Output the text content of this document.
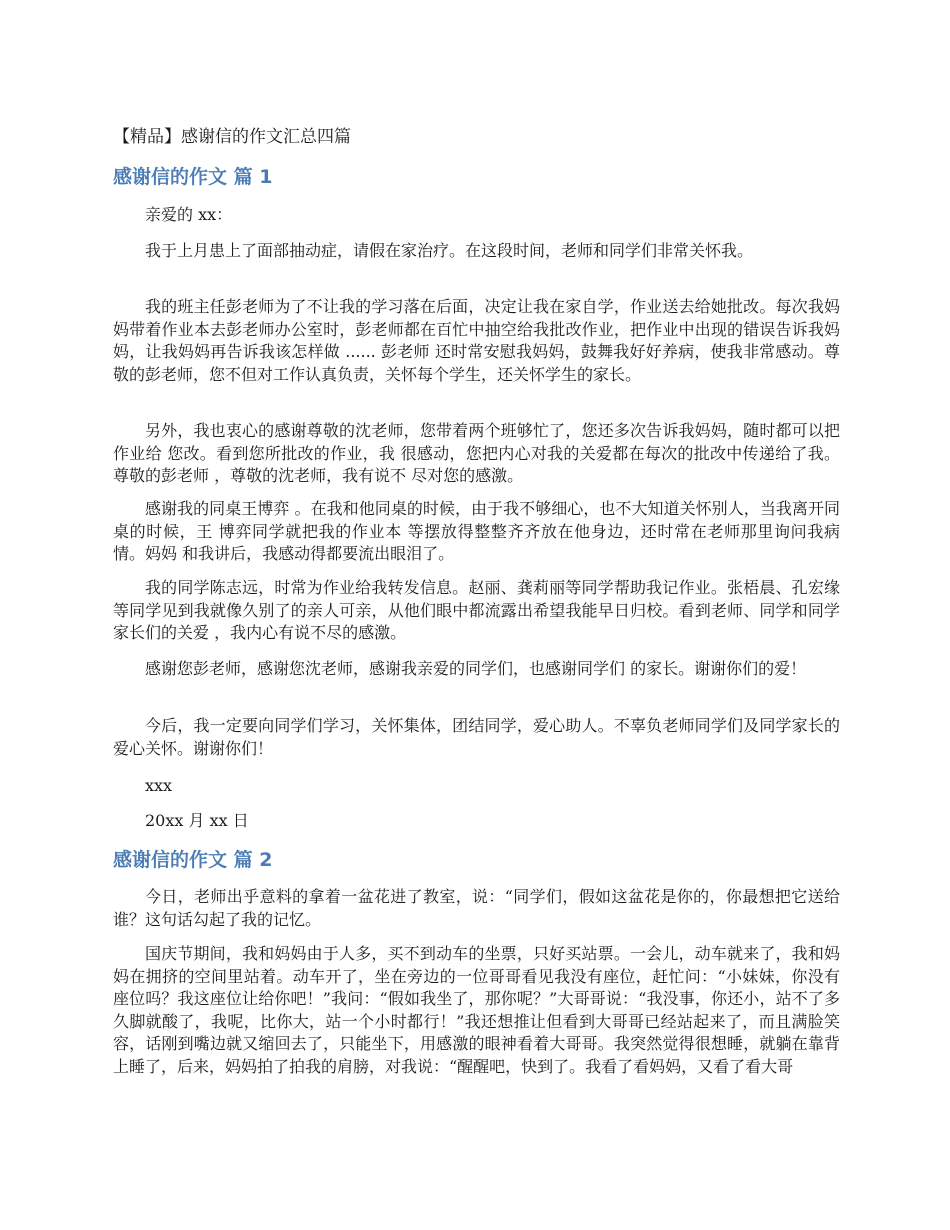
【精品】感谢信的作文汇总四篇
感谢信的作文 篇 1
亲爱的 xx：
我于上月患上了面部抽动症，请假在家治疗。在这段时间，老师和同学们非常关怀我。
我的班主任彭老师为了不让我的学习落在后面，决定让我在家自学，作业送去给她批改。每次我妈妈带着作业本去彭老师办公室时，彭老师都在百忙中抽空给我批改作业，把作业中出现的错误告诉我妈妈，让我妈妈再告诉我该怎样做 ...... 彭老师 还时常安慰我妈妈，鼓舞我好好养病，使我非常感动。尊敬的彭老师，您不但对工作认真负责，关怀每个学生，还关怀学生的家长。
另外，我也衷心的感谢尊敬的沈老师，您带着两个班够忙了，您还多次告诉我妈妈，随时都可以把 作业给 您改。看到您所批改的作业，我 很感动，您把内心对我的关爱都在每次的批改中传递给了我。尊敬的彭老师 ，尊敬的沈老师，我有说不 尽对您的感激。
感谢我的同桌王博弈 。在我和他同桌的时候，由于我不够细心，也不大知道关怀别人，当我离开同桌的时候，王 博弈同学就把我的作业本 等摆放得整整齐齐放在他身边，还时常在老师那里询问我病情。妈妈 和我讲后，我感动得都要流出眼泪了。
我的同学陈志远，时常为作业给我转发信息。赵丽、龚莉丽等同学帮助我记作业。张梧晨、孔宏缘等同学见到我就像久别了的亲人可亲，从他们眼中都流露出希望我能早日归校。看到老师、同学和同学家长们的关爱 ，我内心有说不尽的感激。
感谢您彭老师，感谢您沈老师，感谢我亲爱的同学们，也感谢同学们 的家长。谢谢你们的爱！
今后，我一定要向同学们学习，关怀集体，团结同学，爱心助人。不辜负老师同学们及同学家长的爱心关怀。谢谢你们！
xxx
20xx 月 xx 日
感谢信的作文 篇 2
今日，老师出乎意料的拿着一盆花进了教室，说：“同学们，假如这盆花是你的，你最想把它送给谁？这句话勾起了我的记忆。
国庆节期间，我和妈妈由于人多，买不到动车的坐票，只好买站票。一会儿，动车就来了，我和妈妈在拥挤的空间里站着。动车开了，坐在旁边的一位哥哥看见我没有座位，赶忙问：“小妹妹，你没有座位吗？我这座位让给你吧！”我问：“假如我坐了，那你呢？”大哥哥说：“我没事，你还小，站不了多久脚就酸了，我呢，比你大，站一个小时都行！”我还想推让但看到大哥哥已经站起来了，而且满脸笑容，话刚到嘴边就又缩回去了，只能坐下，用感激的眼神看着大哥哥。我突然觉得很想睡，就躺在靠背上睡了，后来，妈妈拍了拍我的肩膀，对我说：“醒醒吧，快到了。我看了看妈妈，又看了看大哥
